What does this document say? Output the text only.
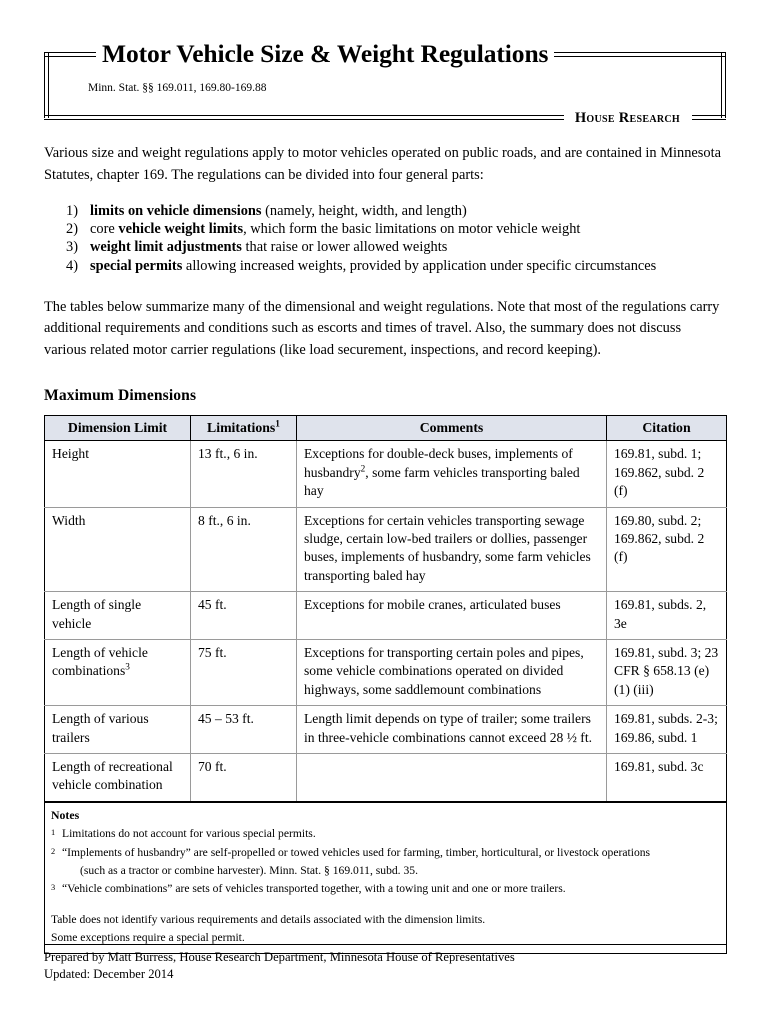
Motor Vehicle Size & Weight Regulations
Minn. Stat. §§ 169.011, 169.80-169.88
House Research

Various size and weight regulations apply to motor vehicles operated on public roads, and are contained in Minnesota Statutes, chapter 169. The regulations can be divided into four general parts:

1) limits on vehicle dimensions (namely, height, width, and length)
2) core vehicle weight limits, which form the basic limitations on motor vehicle weight
3) weight limit adjustments that raise or lower allowed weights
4) special permits allowing increased weights, provided by application under specific circumstances

The tables below summarize many of the dimensional and weight regulations. Note that most of the regulations carry additional requirements and conditions such as escorts and times of travel. Also, the summary does not discuss various related motor carrier regulations (like load securement, inspections, and record keeping).

Maximum Dimensions
Dimension Limit	Limitations$^1$	Comments	Citation
Height	13 ft., 6 in.	Exceptions for double-deck buses, implements of husbandry$^2$, some farm vehicles transporting baled hay	169.81, subd. 1; 169.862, subd. 2 (f)
Width	8 ft., 6 in.	Exceptions for certain vehicles transporting sewage sludge, certain low-bed trailers or dollies, passenger buses, implements of husbandry, some farm vehicles transporting baled hay	169.80, subd. 2; 169.862, subd. 2 (f)
Length of single vehicle	45 ft.	Exceptions for mobile cranes, articulated buses	169.81, subds. 2, 3e
Length of vehicle combinations$^3$	75 ft.	Exceptions for transporting certain poles and pipes, some vehicle combinations operated on divided highways, some saddlemount combinations	169.81, subd. 3; 23 CFR § 658.13 (e) (1) (iii)
Length of various trailers	45 – 53 ft.	Length limit depends on type of trailer; some trailers in three-vehicle combinations cannot exceed 28 ½ ft.	169.81, subds. 2-3; 169.86, subd. 1
Length of recreational vehicle combination	70 ft.		169.81, subd. 3c

Notes
1 Limitations do not account for various special permits.
2 “Implements of husbandry” are self-propelled or towed vehicles used for farming, timber, horticultural, or livestock operations
(such as a tractor or combine harvester). Minn. Stat. § 169.011, subd. 35.
3 “Vehicle combinations” are sets of vehicles transported together, with a towing unit and one or more trailers.
Table does not identify various requirements and details associated with the dimension limits.
Some exceptions require a special permit.
Prepared by Matt Burress, House Research Department, Minnesota House of Representatives
Updated: December 2014
